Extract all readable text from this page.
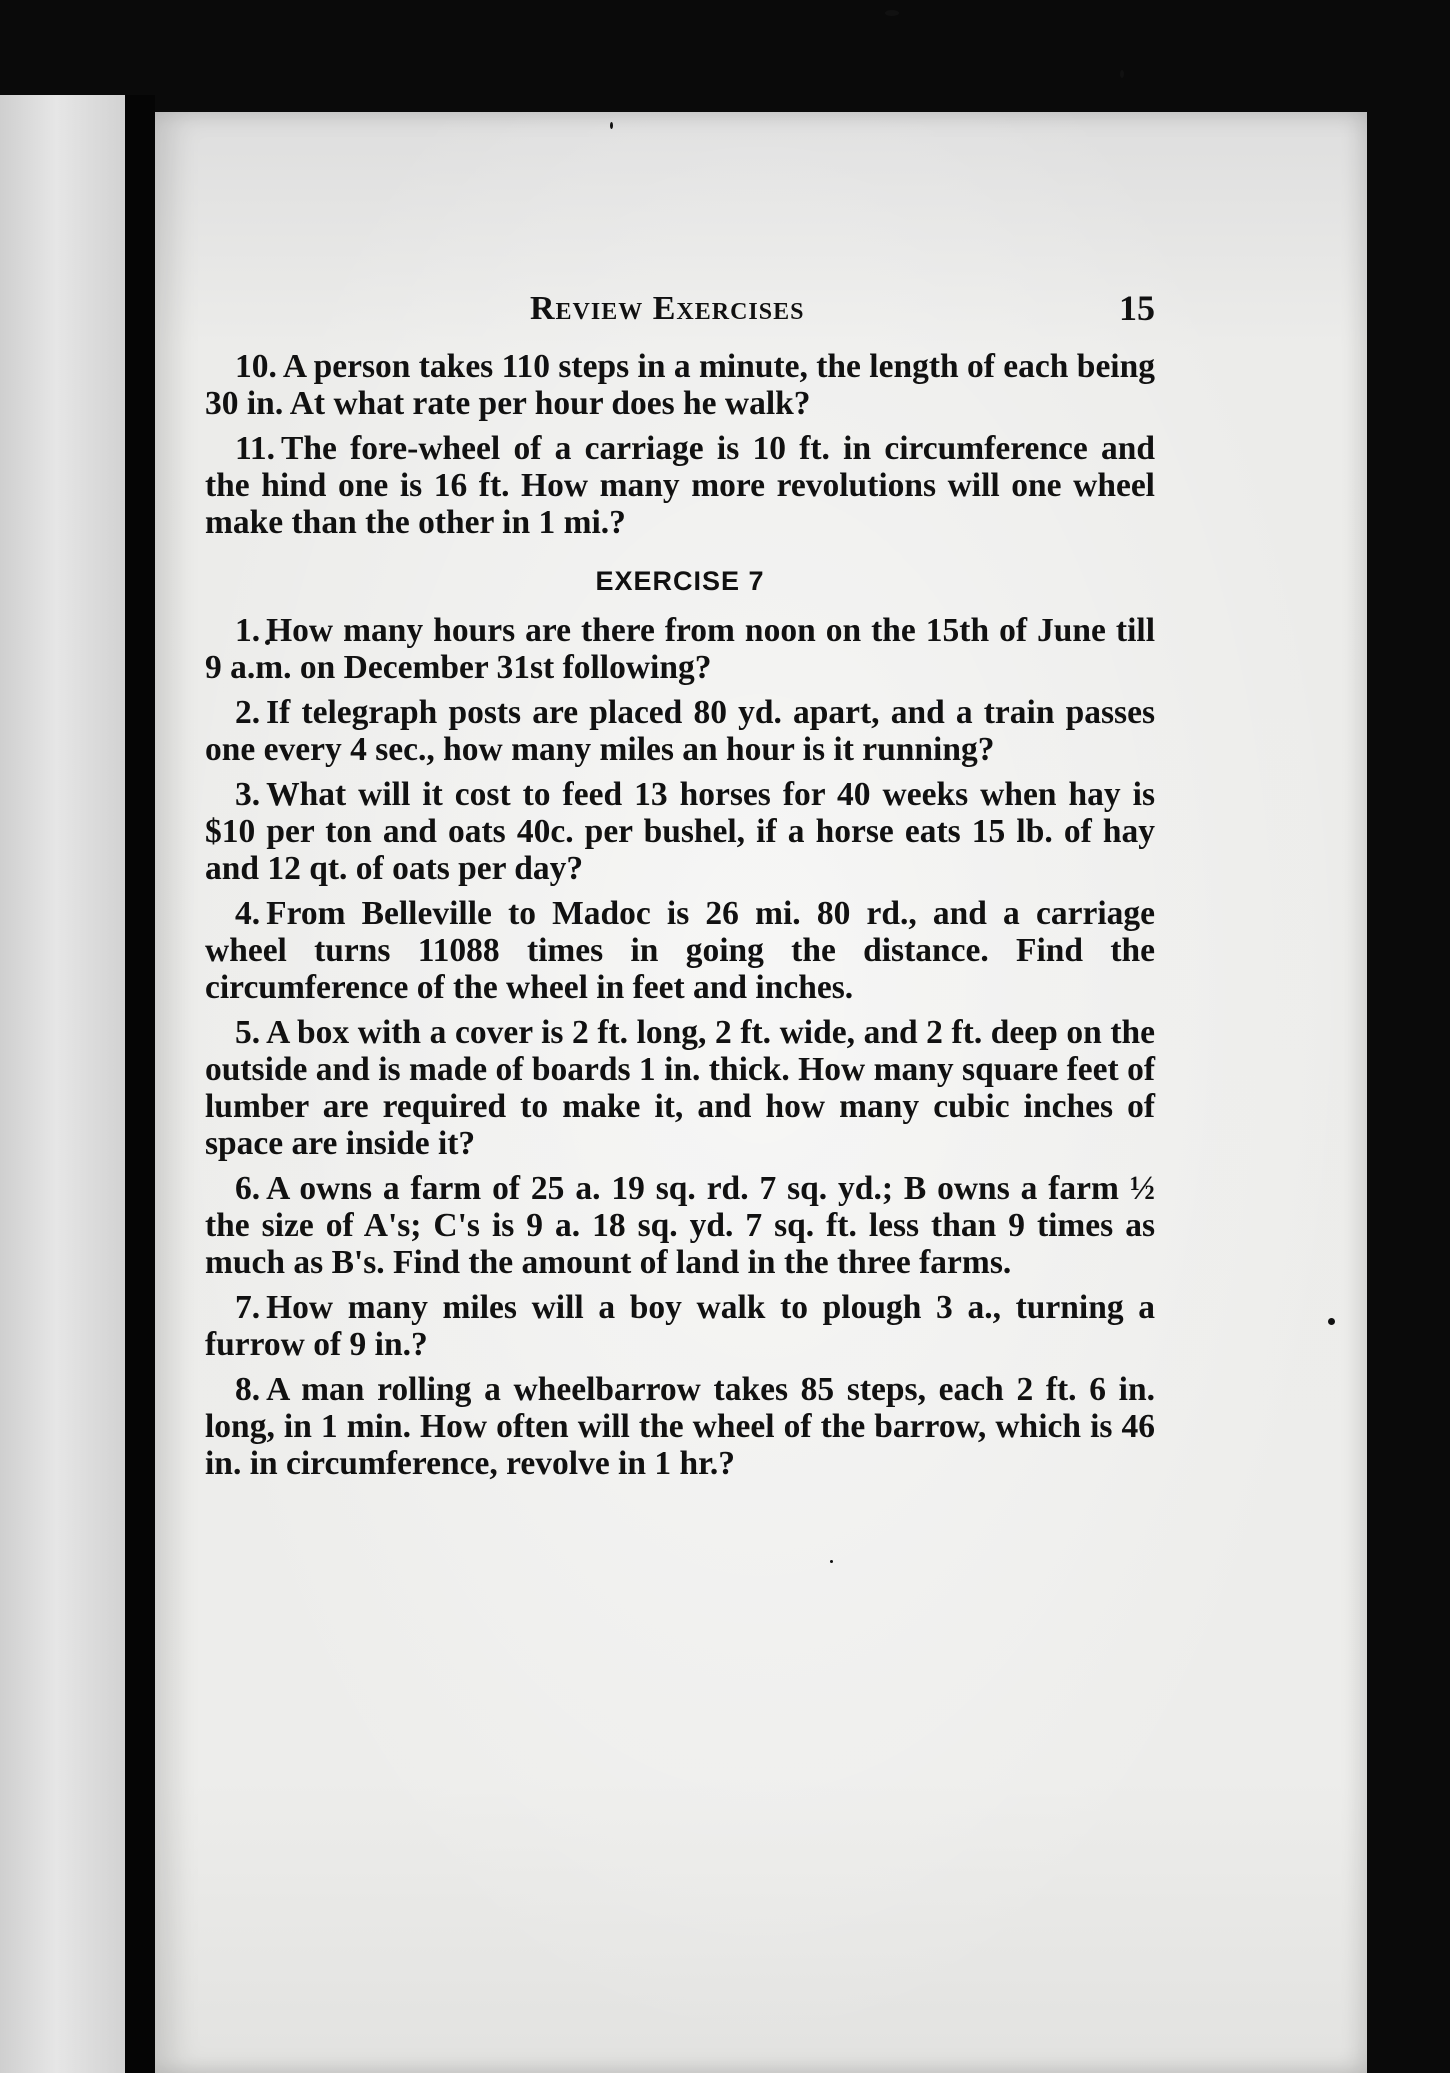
Review Exercises	15

10. A person takes 110 steps in a minute, the length of each being 30 in. At what rate per hour does he walk?

11. The fore-wheel of a carriage is 10 ft. in circumference and the hind one is 16 ft. How many more revolutions will one wheel make than the other in 1 mi.?

EXERCISE 7

1. How many hours are there from noon on the 15th of June till 9 a.m. on December 31st following?

2. If telegraph posts are placed 80 yd. apart, and a train passes one every 4 sec., how many miles an hour is it running?

3. What will it cost to feed 13 horses for 40 weeks when hay is $10 per ton and oats 40c. per bushel, if a horse eats 15 lb. of hay and 12 qt. of oats per day?

4. From Belleville to Madoc is 26 mi. 80 rd., and a carriage wheel turns 11088 times in going the distance. Find the circumference of the wheel in feet and inches.

5. A box with a cover is 2 ft. long, 2 ft. wide, and 2 ft. deep on the outside and is made of boards 1 in. thick. How many square feet of lumber are required to make it, and how many cubic inches of space are inside it?

6. A owns a farm of 25 a. 19 sq. rd. 7 sq. yd.; B owns a farm ½ the size of A's; C's is 9 a. 18 sq. yd. 7 sq. ft. less than 9 times as much as B's. Find the amount of land in the three farms.

7. How many miles will a boy walk to plough 3 a., turning a furrow of 9 in.?

8. A man rolling a wheelbarrow takes 85 steps, each 2 ft. 6 in. long, in 1 min. How often will the wheel of the barrow, which is 46 in. in circumference, revolve in 1 hr.?
